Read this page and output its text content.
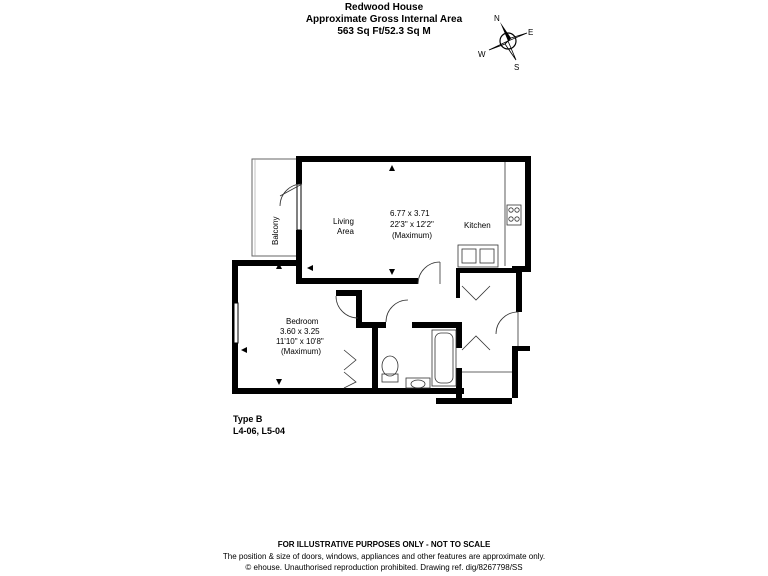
Redwood House
Approximate Gross Internal Area
563 Sq Ft/52.3 Sq M
N
E
S
W
Balcony	Living
Area
6.77 x 3.71
22'3" x 12'2"
(Maximum)
Kitchen
Bedroom
3.60 x 3.25
11'10" x 10'8"
(Maximum)
Type B
L4-06, L5-04
FOR ILLUSTRATIVE PURPOSES ONLY - NOT TO SCALE
The position & size of doors, windows, appliances and other features are approximate only.
© ehouse. Unauthorised reproduction prohibited. Drawing ref. dig/8267798/SS
